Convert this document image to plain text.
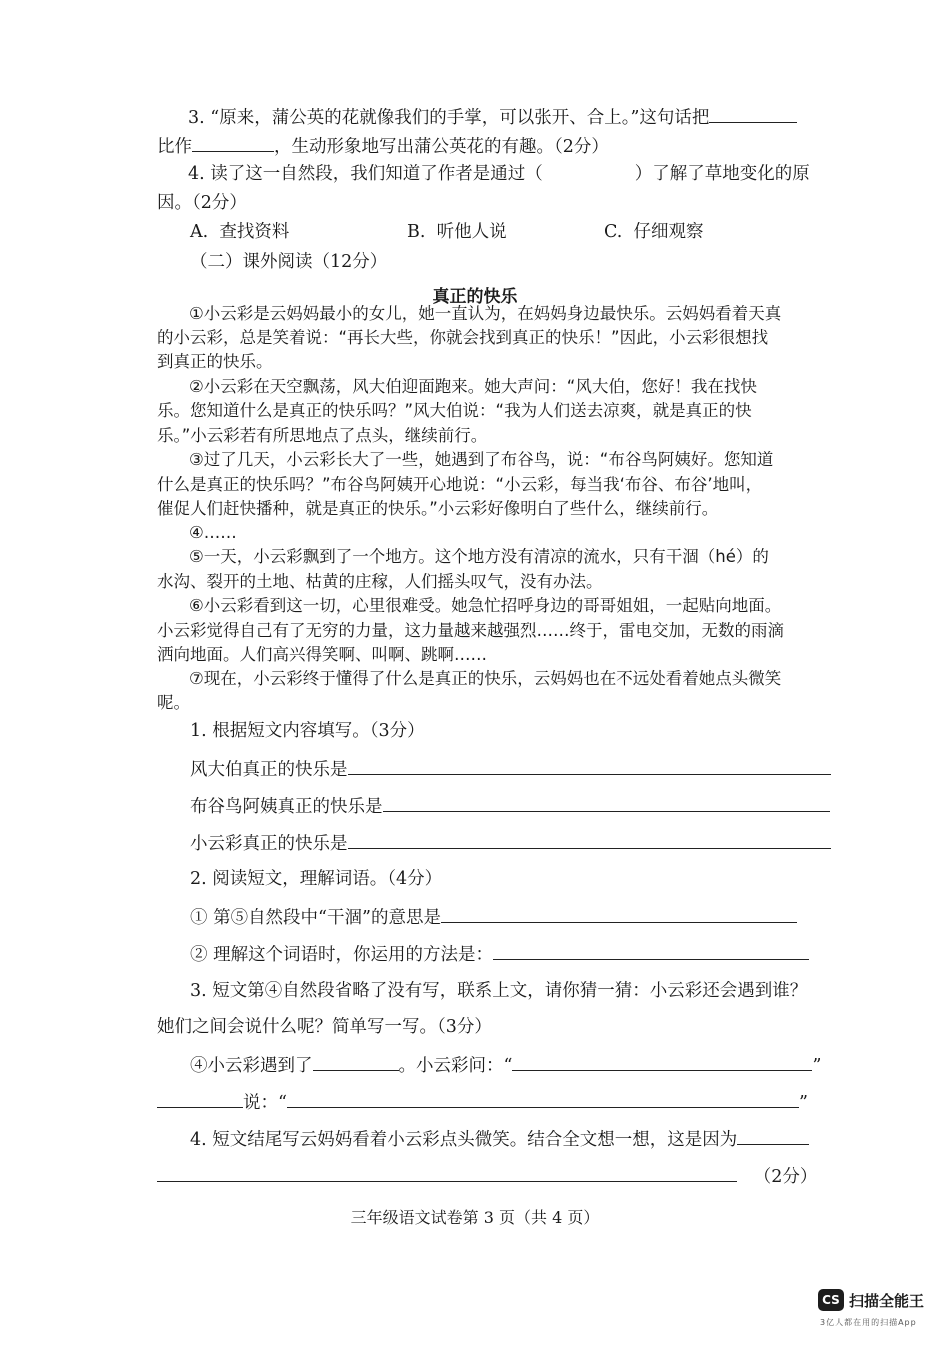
3. “原来，蒲公英的花就像我们的手掌，可以张开、合上。”这句话把
比作	，生动形象地写出蒲公英花的有趣。（2分）
4. 读了这一自然段，我们知道了作者是通过（	）了解了草地变化的原
因。（2分）
A. 查找资料	B. 听他人说	C. 仔细观察
（二）课外阅读（12分）
真正的快乐
①小云彩是云妈妈最小的女儿，她一直认为，在妈妈身边最快乐。云妈妈看着天真
的小云彩，总是笑着说：“再长大些，你就会找到真正的快乐！”因此，小云彩很想找
到真正的快乐。
②小云彩在天空飘荡，风大伯迎面跑来。她大声问：“风大伯，您好！我在找快
乐。您知道什么是真正的快乐吗？”风大伯说：“我为人们送去凉爽，就是真正的快
乐。”小云彩若有所思地点了点头，继续前行。
③过了几天，小云彩长大了一些，她遇到了布谷鸟，说：“布谷鸟阿姨好。您知道
什么是真正的快乐吗？”布谷鸟阿姨开心地说：“小云彩，每当我‘布谷、布谷’地叫，
催促人们赶快播种，就是真正的快乐。”小云彩好像明白了些什么，继续前行。
④……
⑤一天，小云彩飘到了一个地方。这个地方没有清凉的流水，只有干涸（hé）的
水沟、裂开的土地、枯黄的庄稼，人们摇头叹气，没有办法。
⑥小云彩看到这一切，心里很难受。她急忙招呼身边的哥哥姐姐，一起贴向地面。
小云彩觉得自己有了无穷的力量，这力量越来越强烈……终于，雷电交加，无数的雨滴
洒向地面。人们高兴得笑啊、叫啊、跳啊……
⑦现在，小云彩终于懂得了什么是真正的快乐，云妈妈也在不远处看着她点头微笑
呢。
1. 根据短文内容填写。（3分）
风大伯真正的快乐是
布谷鸟阿姨真正的快乐是
小云彩真正的快乐是
2. 阅读短文，理解词语。（4分）
① 第⑤自然段中“干涸”的意思是
② 理解这个词语时，你运用的方法是：
3. 短文第④自然段省略了没有写，联系上文，请你猜一猜：小云彩还会遇到谁？
她们之间会说什么呢？简单写一写。（3分）
④小云彩遇到了	。小云彩问：“	”
说：“	”
4. 短文结尾写云妈妈看着小云彩点头微笑。结合全文想一想，这是因为
（2分）
三年级语文试卷第 3 页（共 4 页）
CS 扫描全能王
3亿人都在用的扫描App
